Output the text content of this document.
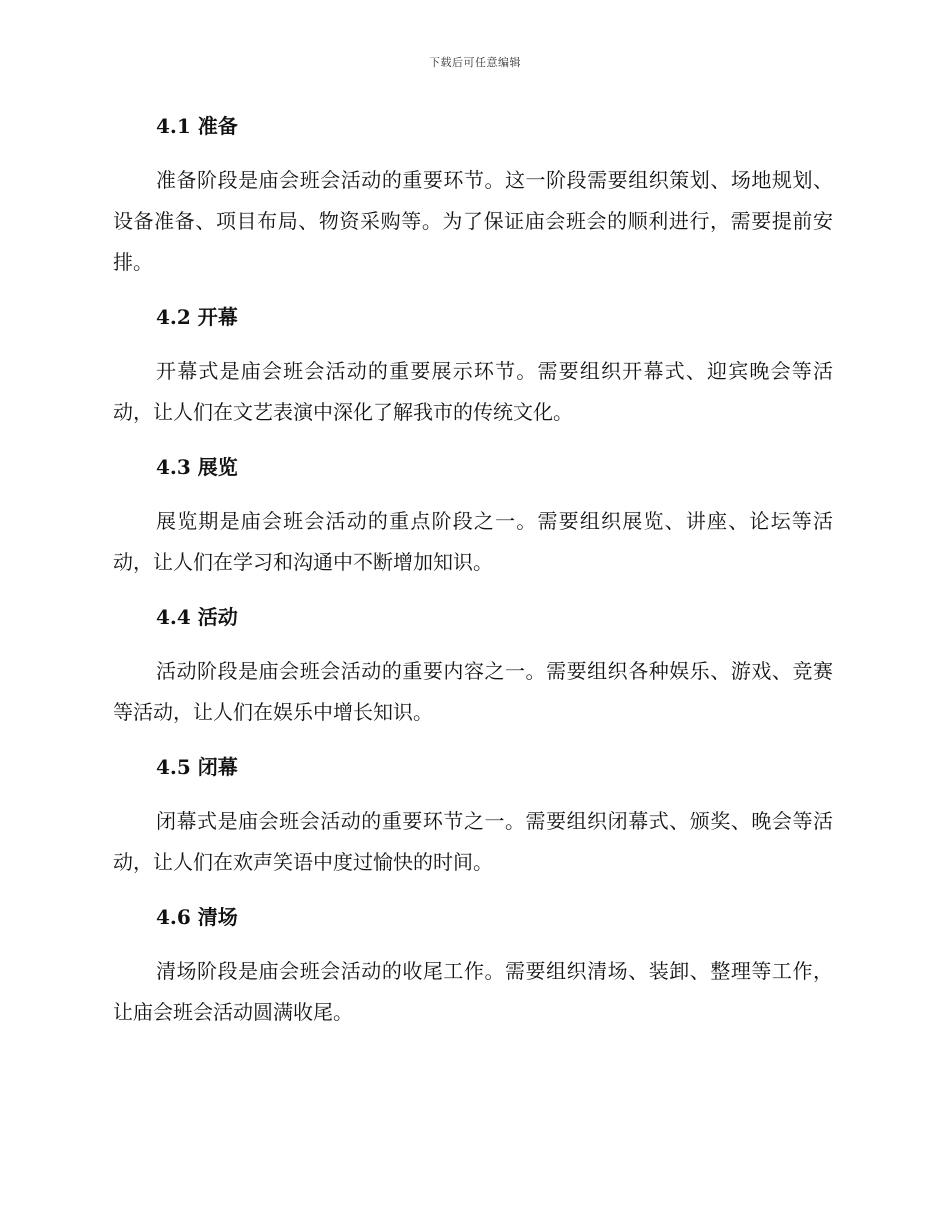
下载后可任意编辑
4.1 准备

准备阶段是庙会班会活动的重要环节。这一阶段需要组织策划、场地规划、设备准备、项目布局、物资采购等。为了保证庙会班会的顺利进行，需要提前安排。

4.2 开幕

开幕式是庙会班会活动的重要展示环节。需要组织开幕式、迎宾晚会等活动，让人们在文艺表演中深化了解我市的传统文化。

4.3 展览

展览期是庙会班会活动的重点阶段之一。需要组织展览、讲座、论坛等活动，让人们在学习和沟通中不断增加知识。

4.4 活动

活动阶段是庙会班会活动的重要内容之一。需要组织各种娱乐、游戏、竞赛等活动，让人们在娱乐中增长知识。

4.5 闭幕

闭幕式是庙会班会活动的重要环节之一。需要组织闭幕式、颁奖、晚会等活动，让人们在欢声笑语中度过愉快的时间。

4.6 清场

清场阶段是庙会班会活动的收尾工作。需要组织清场、装卸、整理等工作，让庙会班会活动圆满收尾。
